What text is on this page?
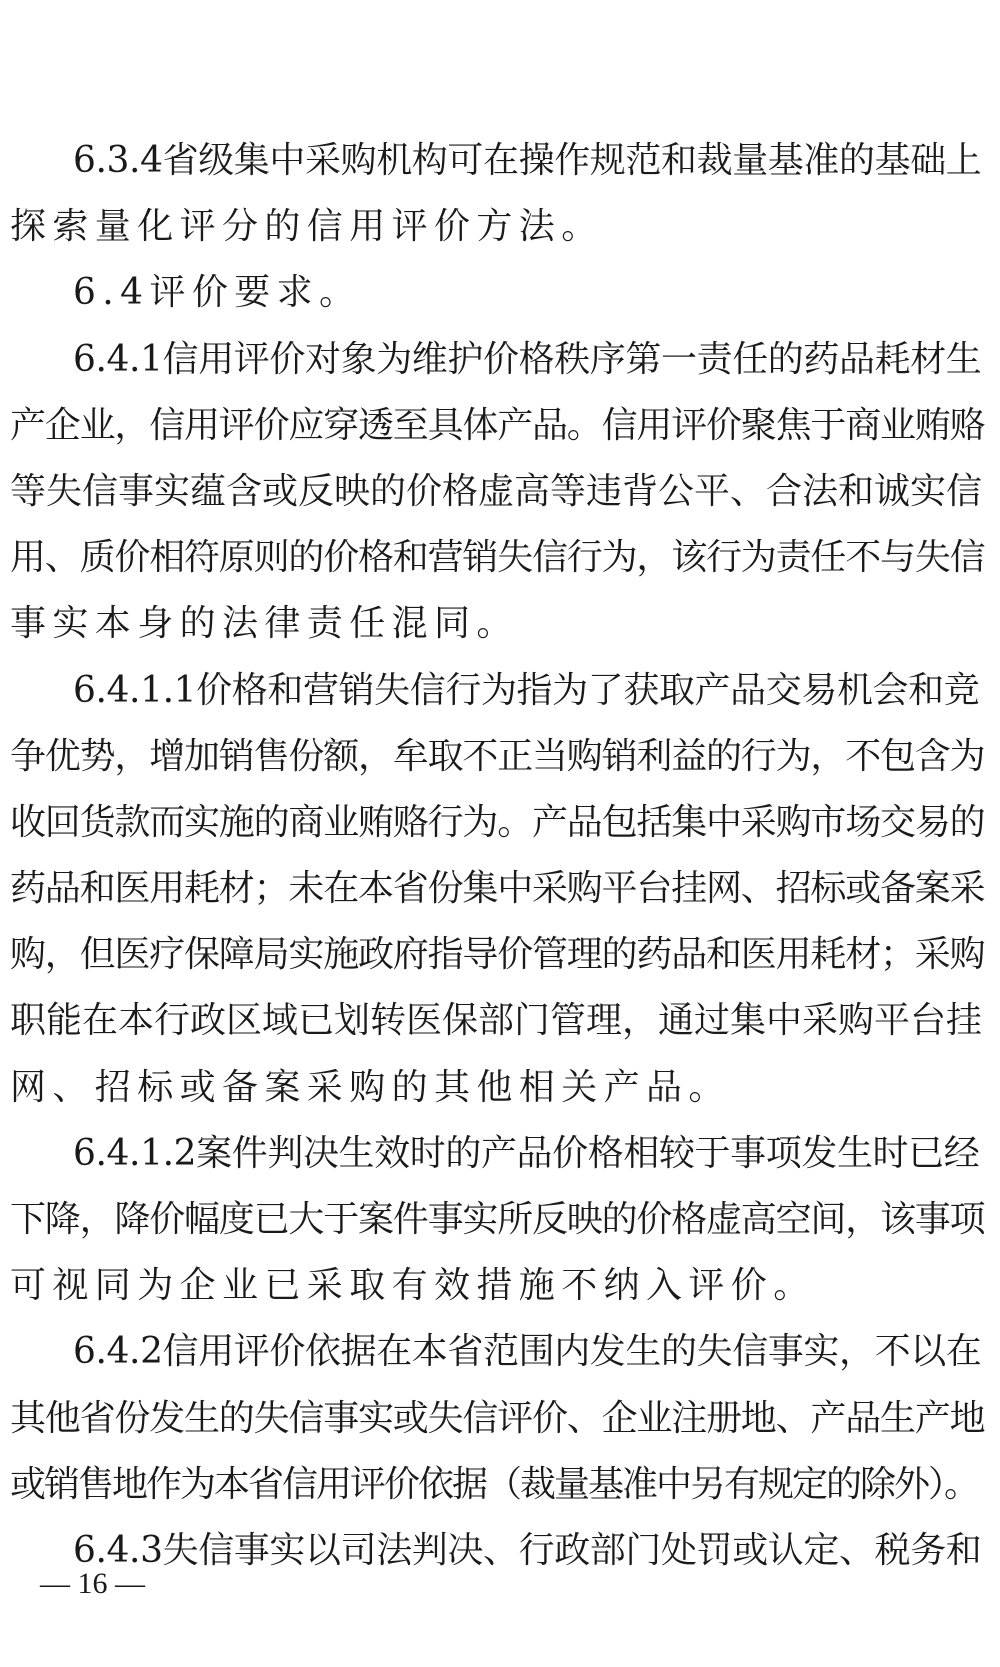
6.3.4省级集中采购机构可在操作规范和裁量基准的基础上
探索量化评分的信用评价方法。
6.4评价要求。
6.4.1信用评价对象为维护价格秩序第一责任的药品耗材生
产企业，信用评价应穿透至具体产品。信用评价聚焦于商业贿赂
等失信事实蕴含或反映的价格虚高等违背公平、合法和诚实信
用、质价相符原则的价格和营销失信行为，该行为责任不与失信
事实本身的法律责任混同。
6.4.1.1价格和营销失信行为指为了获取产品交易机会和竞
争优势，增加销售份额，牟取不正当购销利益的行为，不包含为
收回货款而实施的商业贿赂行为。产品包括集中采购市场交易的
药品和医用耗材；未在本省份集中采购平台挂网、招标或备案采
购，但医疗保障局实施政府指导价管理的药品和医用耗材；采购
职能在本行政区域已划转医保部门管理，通过集中采购平台挂
网、招标或备案采购的其他相关产品。
6.4.1.2案件判决生效时的产品价格相较于事项发生时已经
下降，降价幅度已大于案件事实所反映的价格虚高空间，该事项
可视同为企业已采取有效措施不纳入评价。
6.4.2信用评价依据在本省范围内发生的失信事实，不以在
其他省份发生的失信事实或失信评价、企业注册地、产品生产地
或销售地作为本省信用评价依据（裁量基准中另有规定的除外）。
6.4.3失信事实以司法判决、行政部门处罚或认定、税务和
— 16 —
